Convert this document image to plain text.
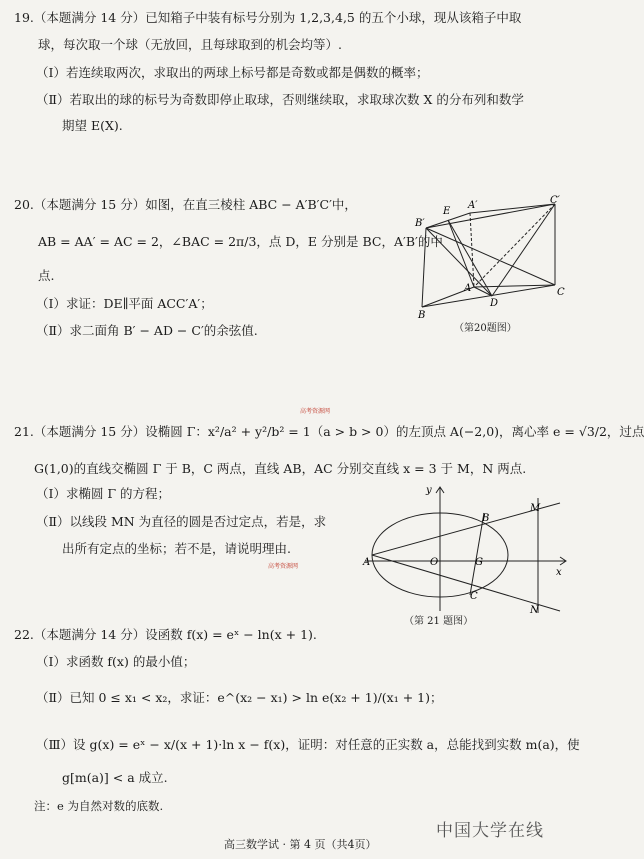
19.（本题满分 14 分）已知箱子中装有标号分别为 1,2,3,4,5 的五个小球，现从该箱子中取
球，每次取一个球（无放回，且每球取到的机会均等）.
（Ⅰ）若连续取两次，求取出的两球上标号都是奇数或都是偶数的概率；
（Ⅱ）若取出的球的标号为奇数即停止取球，否则继续取，求取球次数 X 的分布列和数学
期望 E(X).
20.（本题满分 15 分）如图，在直三棱柱 ABC − A′B′C′中，
AB = AA′ = AC = 2，∠BAC = 2π/3，点 D，E 分别是 BC，A′B′的中
点.
（Ⅰ）求证：DE∥平面 ACC′A′；
（Ⅱ）求二面角 B′ − AD − C′的余弦值.
B′
E
A′	C′
A
D
C
B
（第20题图）
高考资源网
21.（本题满分 15 分）设椭圆 Γ：x²/a² + y²/b² = 1（a > b > 0）的左顶点 A(−2,0)，离心率 e = √3/2，过点
G(1,0)的直线交椭圆 Γ 于 B，C 两点，直线 AB，AC 分别交直线 x = 3 于 M，N 两点.
（Ⅰ）求椭圆 Γ 的方程；
（Ⅱ）以线段 MN 为直径的圆是否过定点，若是，求
出所有定点的坐标；若不是，请说明理由.
高考资源网
y
M
B
A	O	G
x
C
N
（第 21 题图）
22.（本题满分 14 分）设函数 f(x) = eˣ − ln(x + 1).
（Ⅰ）求函数 f(x) 的最小值；
（Ⅱ）已知 0 ≤ x₁ < x₂，求证：e^(x₂ − x₁) > ln e(x₂ + 1)/(x₁ + 1)；
（Ⅲ）设 g(x) = eˣ − x/(x + 1)·ln x − f(x)，证明：对任意的正实数 a，总能找到实数 m(a)，使
g[m(a)] < a 成立.
注：e 为自然对数的底数.
高三数学试 · 第 4 页（共4页）
中国大学在线
